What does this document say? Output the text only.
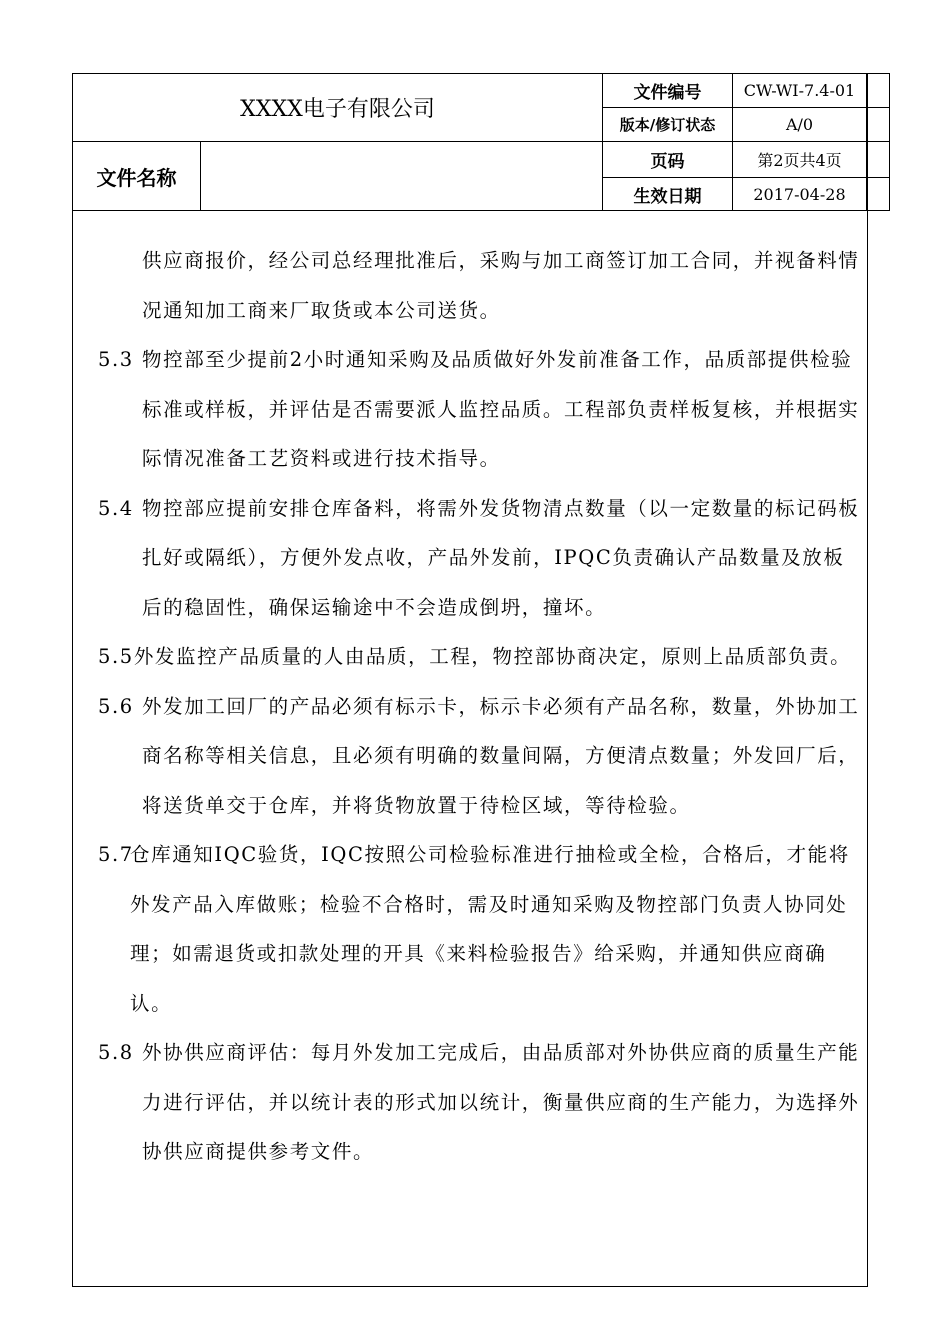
XXXX电子有限公司
文件名称
文件编号	CW-WI-7.4-01
版本/修订状态	A/0
页码	第2页共4页
生效日期	2017-04-28

供应商报价，经公司总经理批准后，采购与加工商签订加工合同，并视备料情况通知加工商来厂取货或本公司送货。

5.3 物控部至少提前2小时通知采购及品质做好外发前准备工作，品质部提供检验标准或样板，并评估是否需要派人监控品质。工程部负责样板复核，并根据实际情况准备工艺资料或进行技术指导。

5.4 物控部应提前安排仓库备料，将需外发货物清点数量（以一定数量的标记码板扎好或隔纸），方便外发点收，产品外发前，IPQC负责确认产品数量及放板后的稳固性，确保运输途中不会造成倒坍，撞坏。

5.5外发监控产品质量的人由品质，工程，物控部协商决定，原则上品质部负责。

5.6 外发加工回厂的产品必须有标示卡，标示卡必须有产品名称，数量，外协加工商名称等相关信息，且必须有明确的数量间隔，方便清点数量；外发回厂后，将送货单交于仓库，并将货物放置于待检区域，等待检验。

5.7
仓库通知IQC验货，IQC按照公司检验标准进行抽检或全检，合格后，才能将外发产品入库做账；检验不合格时，需及时通知采购及物控部门负责人协同处理；如需退货或扣款处理的开具《来料检验报告》给采购，并通知供应商确认。

5.8 外协供应商评估：每月外发加工完成后，由品质部对外协供应商的质量生产能力进行评估，并以统计表的形式加以统计，衡量供应商的生产能力，为选择外协供应商提供参考文件。
